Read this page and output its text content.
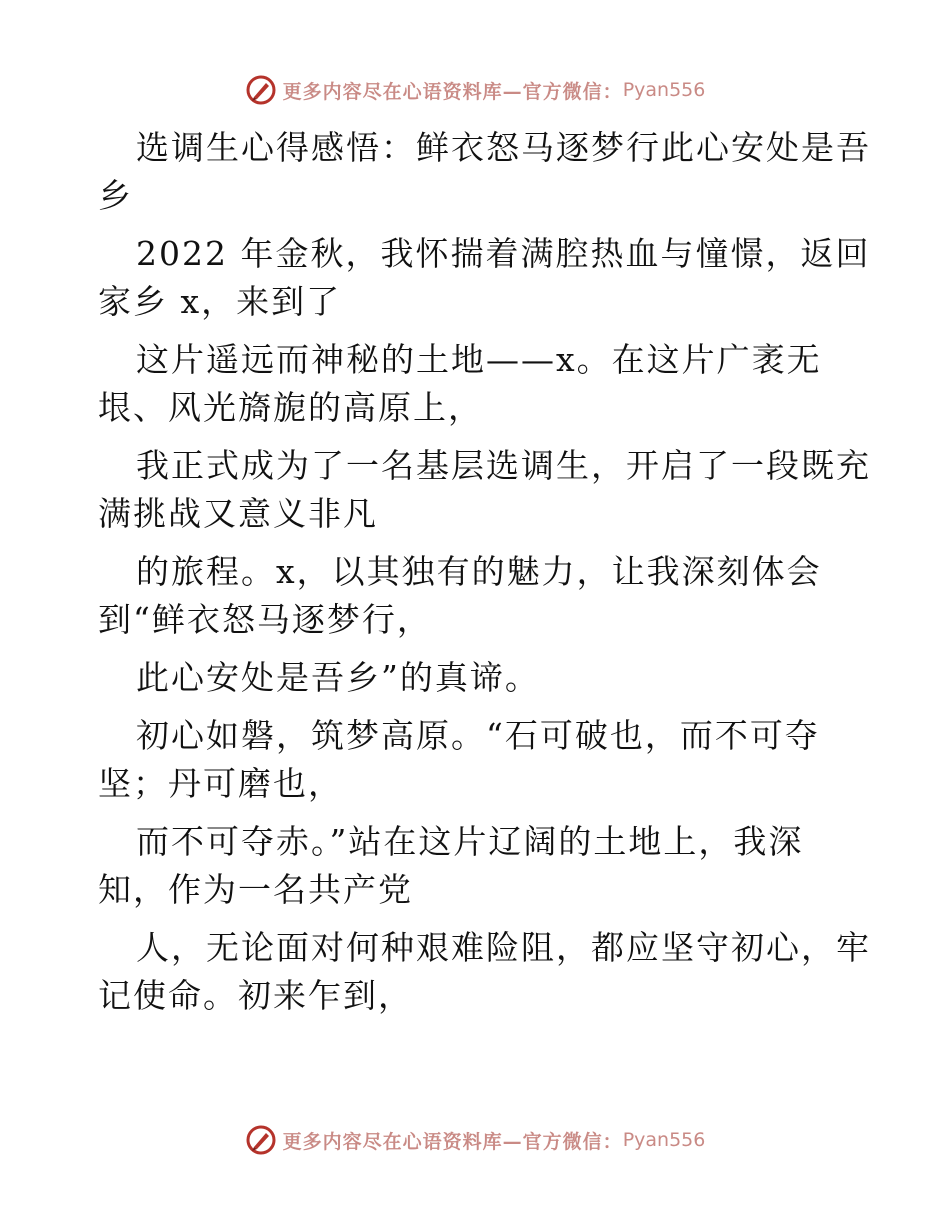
更多内容尽在心语资料库— 官方微信： Pyan556
选调生心得感悟：鲜衣怒马逐梦行此心安处是吾
乡
2022 年金秋，我怀揣着满腔热血与憧憬，返回
家乡 x，来到了
这片遥远而神秘的土地——x。在这片广袤无
垠、风光旖旎的高原上，
我正式成为了一名基层选调生，开启了一段既充
满挑战又意义非凡
的旅程。x，以其独有的魅力，让我深刻体会
到“鲜衣怒马逐梦行，
此心安处是吾乡”的真谛。
初心如磐，筑梦高原。“石可破也，而不可夺
坚；丹可磨也，
而不可夺赤。”站在这片辽阔的土地上，我深
知，作为一名共产党
人，无论面对何种艰难险阻，都应坚守初心，牢
记使命。初来乍到，
更多内容尽在心语资料库— 官方微信： Pyan556
